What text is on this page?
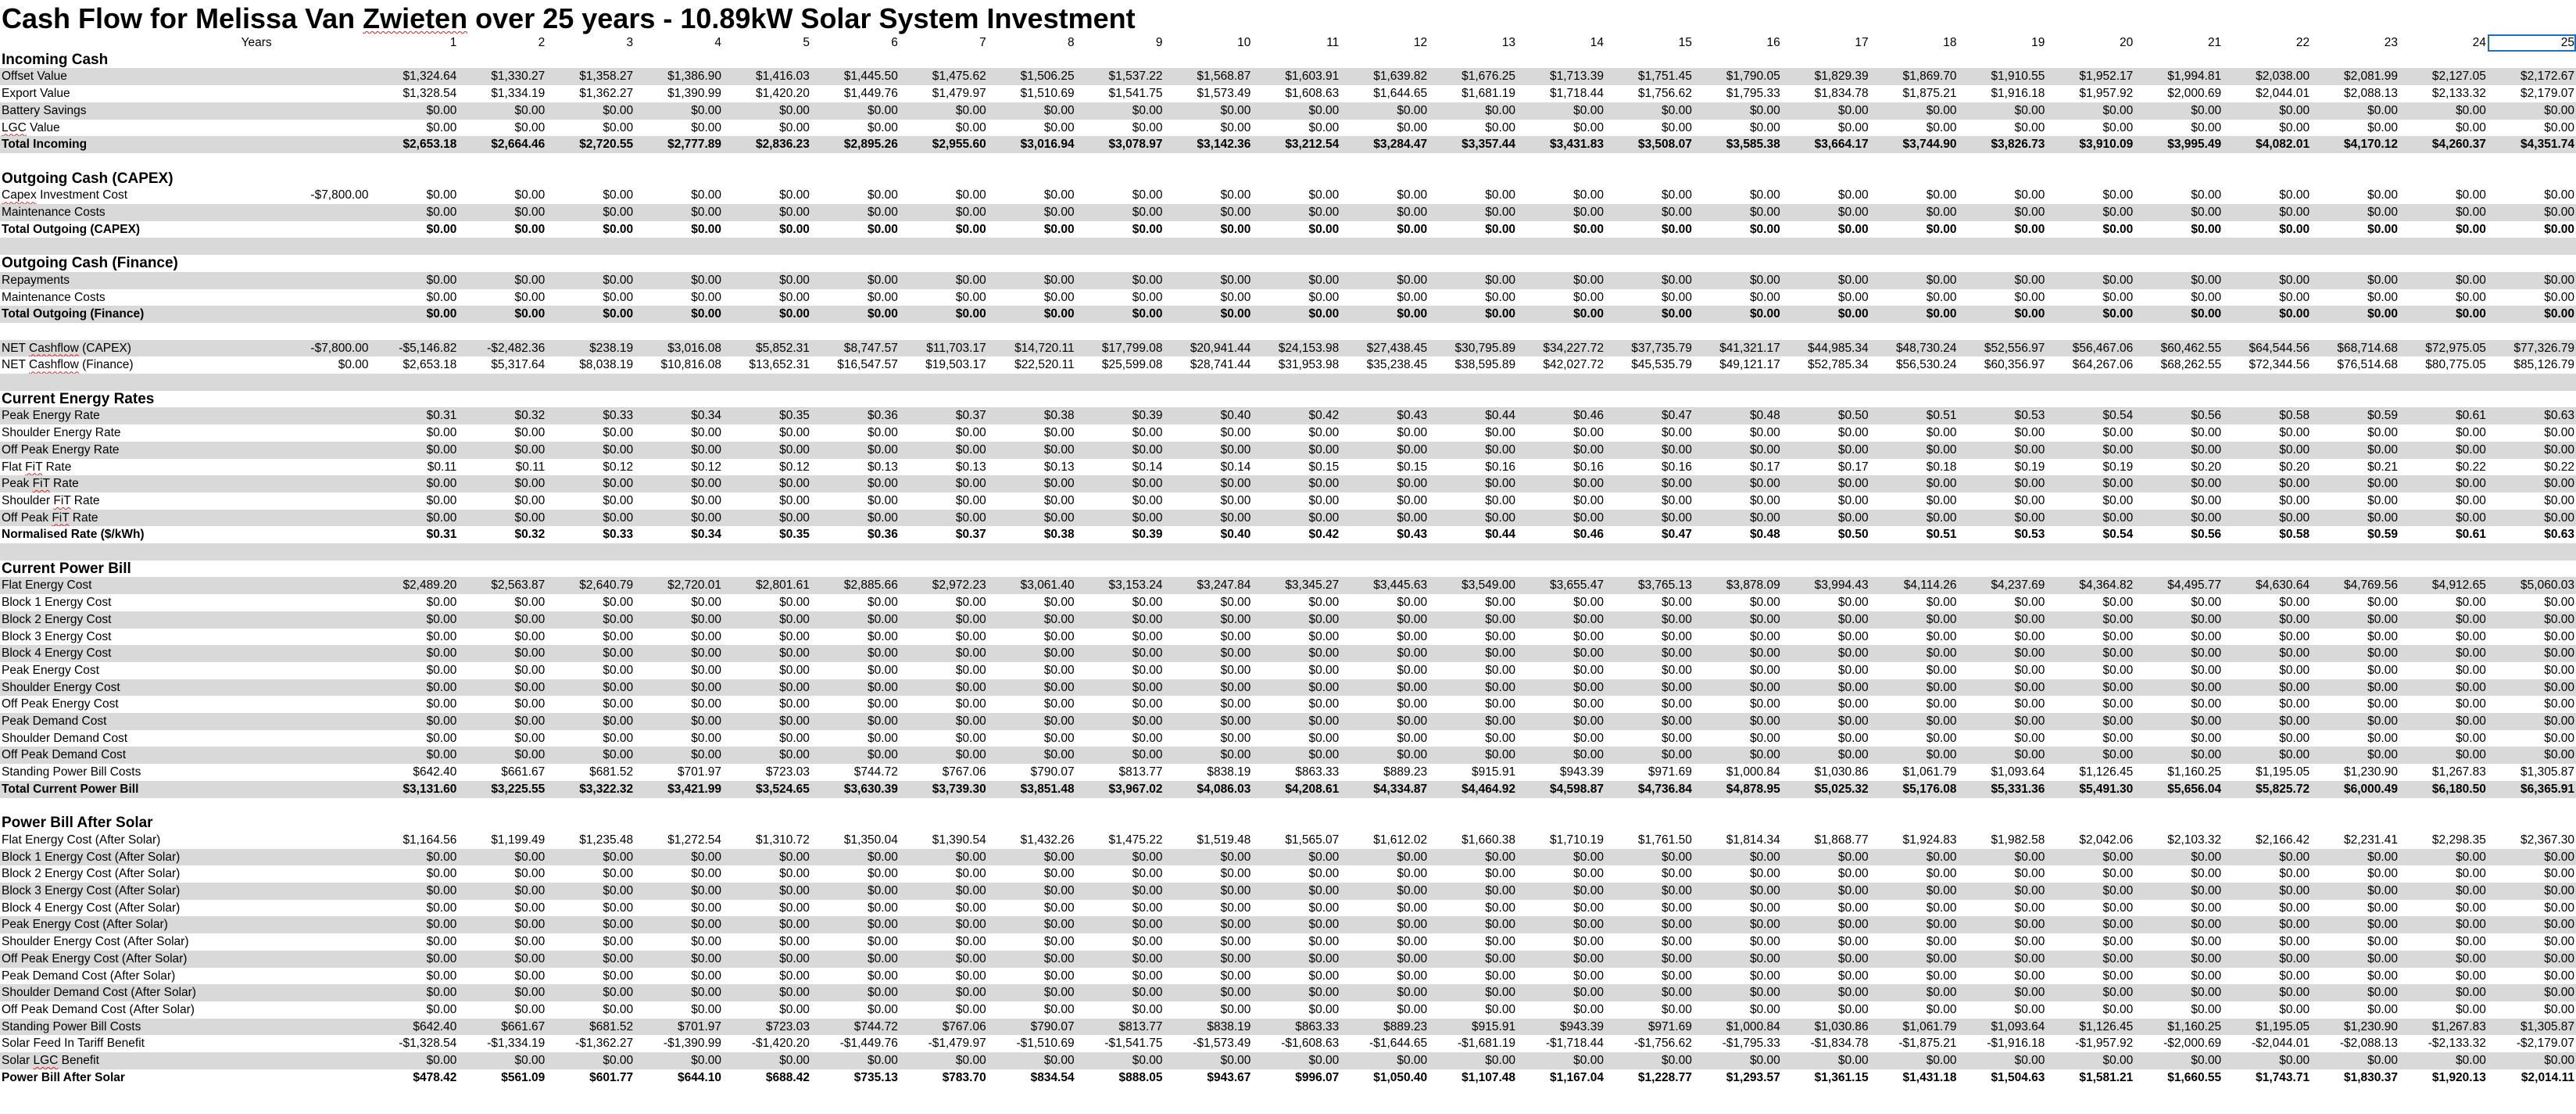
Cash Flow for Melissa Van Zwieten over 25 years - 10.89kW Solar System Investment
Years		1	2	3	4	5	6	7	8	9	10	11	12	13	14	15	16	17	18	19	20	21	22	23	24	25
Incoming Cash																										
Offset Value		$1,324.64	$1,330.27	$1,358.27	$1,386.90	$1,416.03	$1,445.50	$1,475.62	$1,506.25	$1,537.22	$1,568.87	$1,603.91	$1,639.82	$1,676.25	$1,713.39	$1,751.45	$1,790.05	$1,829.39	$1,869.70	$1,910.55	$1,952.17	$1,994.81	$2,038.00	$2,081.99	$2,127.05	$2,172.67
Export Value		$1,328.54	$1,334.19	$1,362.27	$1,390.99	$1,420.20	$1,449.76	$1,479.97	$1,510.69	$1,541.75	$1,573.49	$1,608.63	$1,644.65	$1,681.19	$1,718.44	$1,756.62	$1,795.33	$1,834.78	$1,875.21	$1,916.18	$1,957.92	$2,000.69	$2,044.01	$2,088.13	$2,133.32	$2,179.07
Battery Savings		$0.00	$0.00	$0.00	$0.00	$0.00	$0.00	$0.00	$0.00	$0.00	$0.00	$0.00	$0.00	$0.00	$0.00	$0.00	$0.00	$0.00	$0.00	$0.00	$0.00	$0.00	$0.00	$0.00	$0.00	$0.00
LGC Value		$0.00	$0.00	$0.00	$0.00	$0.00	$0.00	$0.00	$0.00	$0.00	$0.00	$0.00	$0.00	$0.00	$0.00	$0.00	$0.00	$0.00	$0.00	$0.00	$0.00	$0.00	$0.00	$0.00	$0.00	$0.00
Total Incoming		$2,653.18	$2,664.46	$2,720.55	$2,777.89	$2,836.23	$2,895.26	$2,955.60	$3,016.94	$3,078.97	$3,142.36	$3,212.54	$3,284.47	$3,357.44	$3,431.83	$3,508.07	$3,585.38	$3,664.17	$3,744.90	$3,826.73	$3,910.09	$3,995.49	$4,082.01	$4,170.12	$4,260.37	$4,351.74

Outgoing Cash (CAPEX)																										
Capex Investment Cost	-$7,800.00	$0.00	$0.00	$0.00	$0.00	$0.00	$0.00	$0.00	$0.00	$0.00	$0.00	$0.00	$0.00	$0.00	$0.00	$0.00	$0.00	$0.00	$0.00	$0.00	$0.00	$0.00	$0.00	$0.00	$0.00	$0.00
Maintenance Costs		$0.00	$0.00	$0.00	$0.00	$0.00	$0.00	$0.00	$0.00	$0.00	$0.00	$0.00	$0.00	$0.00	$0.00	$0.00	$0.00	$0.00	$0.00	$0.00	$0.00	$0.00	$0.00	$0.00	$0.00	$0.00
Total Outgoing (CAPEX)		$0.00	$0.00	$0.00	$0.00	$0.00	$0.00	$0.00	$0.00	$0.00	$0.00	$0.00	$0.00	$0.00	$0.00	$0.00	$0.00	$0.00	$0.00	$0.00	$0.00	$0.00	$0.00	$0.00	$0.00	$0.00

Outgoing Cash (Finance)																										
Repayments		$0.00	$0.00	$0.00	$0.00	$0.00	$0.00	$0.00	$0.00	$0.00	$0.00	$0.00	$0.00	$0.00	$0.00	$0.00	$0.00	$0.00	$0.00	$0.00	$0.00	$0.00	$0.00	$0.00	$0.00	$0.00
Maintenance Costs		$0.00	$0.00	$0.00	$0.00	$0.00	$0.00	$0.00	$0.00	$0.00	$0.00	$0.00	$0.00	$0.00	$0.00	$0.00	$0.00	$0.00	$0.00	$0.00	$0.00	$0.00	$0.00	$0.00	$0.00	$0.00
Total Outgoing (Finance)		$0.00	$0.00	$0.00	$0.00	$0.00	$0.00	$0.00	$0.00	$0.00	$0.00	$0.00	$0.00	$0.00	$0.00	$0.00	$0.00	$0.00	$0.00	$0.00	$0.00	$0.00	$0.00	$0.00	$0.00	$0.00

NET Cashflow (CAPEX)	-$7,800.00	-$5,146.82	-$2,482.36	$238.19	$3,016.08	$5,852.31	$8,747.57	$11,703.17	$14,720.11	$17,799.08	$20,941.44	$24,153.98	$27,438.45	$30,795.89	$34,227.72	$37,735.79	$41,321.17	$44,985.34	$48,730.24	$52,556.97	$56,467.06	$60,462.55	$64,544.56	$68,714.68	$72,975.05	$77,326.79
NET Cashflow (Finance)	$0.00	$2,653.18	$5,317.64	$8,038.19	$10,816.08	$13,652.31	$16,547.57	$19,503.17	$22,520.11	$25,599.08	$28,741.44	$31,953.98	$35,238.45	$38,595.89	$42,027.72	$45,535.79	$49,121.17	$52,785.34	$56,530.24	$60,356.97	$64,267.06	$68,262.55	$72,344.56	$76,514.68	$80,775.05	$85,126.79

Current Energy Rates																										
Peak Energy Rate		$0.31	$0.32	$0.33	$0.34	$0.35	$0.36	$0.37	$0.38	$0.39	$0.40	$0.42	$0.43	$0.44	$0.46	$0.47	$0.48	$0.50	$0.51	$0.53	$0.54	$0.56	$0.58	$0.59	$0.61	$0.63
Shoulder Energy Rate		$0.00	$0.00	$0.00	$0.00	$0.00	$0.00	$0.00	$0.00	$0.00	$0.00	$0.00	$0.00	$0.00	$0.00	$0.00	$0.00	$0.00	$0.00	$0.00	$0.00	$0.00	$0.00	$0.00	$0.00	$0.00
Off Peak Energy Rate		$0.00	$0.00	$0.00	$0.00	$0.00	$0.00	$0.00	$0.00	$0.00	$0.00	$0.00	$0.00	$0.00	$0.00	$0.00	$0.00	$0.00	$0.00	$0.00	$0.00	$0.00	$0.00	$0.00	$0.00	$0.00
Flat FiT Rate		$0.11	$0.11	$0.12	$0.12	$0.12	$0.13	$0.13	$0.13	$0.14	$0.14	$0.15	$0.15	$0.16	$0.16	$0.16	$0.17	$0.17	$0.18	$0.19	$0.19	$0.20	$0.20	$0.21	$0.22	$0.22
Peak FiT Rate		$0.00	$0.00	$0.00	$0.00	$0.00	$0.00	$0.00	$0.00	$0.00	$0.00	$0.00	$0.00	$0.00	$0.00	$0.00	$0.00	$0.00	$0.00	$0.00	$0.00	$0.00	$0.00	$0.00	$0.00	$0.00
Shoulder FiT Rate		$0.00	$0.00	$0.00	$0.00	$0.00	$0.00	$0.00	$0.00	$0.00	$0.00	$0.00	$0.00	$0.00	$0.00	$0.00	$0.00	$0.00	$0.00	$0.00	$0.00	$0.00	$0.00	$0.00	$0.00	$0.00
Off Peak FiT Rate		$0.00	$0.00	$0.00	$0.00	$0.00	$0.00	$0.00	$0.00	$0.00	$0.00	$0.00	$0.00	$0.00	$0.00	$0.00	$0.00	$0.00	$0.00	$0.00	$0.00	$0.00	$0.00	$0.00	$0.00	$0.00
Normalised Rate ($/kWh)		$0.31	$0.32	$0.33	$0.34	$0.35	$0.36	$0.37	$0.38	$0.39	$0.40	$0.42	$0.43	$0.44	$0.46	$0.47	$0.48	$0.50	$0.51	$0.53	$0.54	$0.56	$0.58	$0.59	$0.61	$0.63

Current Power Bill																										
Flat Energy Cost		$2,489.20	$2,563.87	$2,640.79	$2,720.01	$2,801.61	$2,885.66	$2,972.23	$3,061.40	$3,153.24	$3,247.84	$3,345.27	$3,445.63	$3,549.00	$3,655.47	$3,765.13	$3,878.09	$3,994.43	$4,114.26	$4,237.69	$4,364.82	$4,495.77	$4,630.64	$4,769.56	$4,912.65	$5,060.03
Block 1 Energy Cost		$0.00	$0.00	$0.00	$0.00	$0.00	$0.00	$0.00	$0.00	$0.00	$0.00	$0.00	$0.00	$0.00	$0.00	$0.00	$0.00	$0.00	$0.00	$0.00	$0.00	$0.00	$0.00	$0.00	$0.00	$0.00
Block 2 Energy Cost		$0.00	$0.00	$0.00	$0.00	$0.00	$0.00	$0.00	$0.00	$0.00	$0.00	$0.00	$0.00	$0.00	$0.00	$0.00	$0.00	$0.00	$0.00	$0.00	$0.00	$0.00	$0.00	$0.00	$0.00	$0.00
Block 3 Energy Cost		$0.00	$0.00	$0.00	$0.00	$0.00	$0.00	$0.00	$0.00	$0.00	$0.00	$0.00	$0.00	$0.00	$0.00	$0.00	$0.00	$0.00	$0.00	$0.00	$0.00	$0.00	$0.00	$0.00	$0.00	$0.00
Block 4 Energy Cost		$0.00	$0.00	$0.00	$0.00	$0.00	$0.00	$0.00	$0.00	$0.00	$0.00	$0.00	$0.00	$0.00	$0.00	$0.00	$0.00	$0.00	$0.00	$0.00	$0.00	$0.00	$0.00	$0.00	$0.00	$0.00
Peak Energy Cost		$0.00	$0.00	$0.00	$0.00	$0.00	$0.00	$0.00	$0.00	$0.00	$0.00	$0.00	$0.00	$0.00	$0.00	$0.00	$0.00	$0.00	$0.00	$0.00	$0.00	$0.00	$0.00	$0.00	$0.00	$0.00
Shoulder Energy Cost		$0.00	$0.00	$0.00	$0.00	$0.00	$0.00	$0.00	$0.00	$0.00	$0.00	$0.00	$0.00	$0.00	$0.00	$0.00	$0.00	$0.00	$0.00	$0.00	$0.00	$0.00	$0.00	$0.00	$0.00	$0.00
Off Peak Energy Cost		$0.00	$0.00	$0.00	$0.00	$0.00	$0.00	$0.00	$0.00	$0.00	$0.00	$0.00	$0.00	$0.00	$0.00	$0.00	$0.00	$0.00	$0.00	$0.00	$0.00	$0.00	$0.00	$0.00	$0.00	$0.00
Peak Demand Cost		$0.00	$0.00	$0.00	$0.00	$0.00	$0.00	$0.00	$0.00	$0.00	$0.00	$0.00	$0.00	$0.00	$0.00	$0.00	$0.00	$0.00	$0.00	$0.00	$0.00	$0.00	$0.00	$0.00	$0.00	$0.00
Shoulder Demand Cost		$0.00	$0.00	$0.00	$0.00	$0.00	$0.00	$0.00	$0.00	$0.00	$0.00	$0.00	$0.00	$0.00	$0.00	$0.00	$0.00	$0.00	$0.00	$0.00	$0.00	$0.00	$0.00	$0.00	$0.00	$0.00
Off Peak Demand Cost		$0.00	$0.00	$0.00	$0.00	$0.00	$0.00	$0.00	$0.00	$0.00	$0.00	$0.00	$0.00	$0.00	$0.00	$0.00	$0.00	$0.00	$0.00	$0.00	$0.00	$0.00	$0.00	$0.00	$0.00	$0.00
Standing Power Bill Costs		$642.40	$661.67	$681.52	$701.97	$723.03	$744.72	$767.06	$790.07	$813.77	$838.19	$863.33	$889.23	$915.91	$943.39	$971.69	$1,000.84	$1,030.86	$1,061.79	$1,093.64	$1,126.45	$1,160.25	$1,195.05	$1,230.90	$1,267.83	$1,305.87
Total Current Power Bill		$3,131.60	$3,225.55	$3,322.32	$3,421.99	$3,524.65	$3,630.39	$3,739.30	$3,851.48	$3,967.02	$4,086.03	$4,208.61	$4,334.87	$4,464.92	$4,598.87	$4,736.84	$4,878.95	$5,025.32	$5,176.08	$5,331.36	$5,491.30	$5,656.04	$5,825.72	$6,000.49	$6,180.50	$6,365.91

Power Bill After Solar																										
Flat Energy Cost (After Solar)		$1,164.56	$1,199.49	$1,235.48	$1,272.54	$1,310.72	$1,350.04	$1,390.54	$1,432.26	$1,475.22	$1,519.48	$1,565.07	$1,612.02	$1,660.38	$1,710.19	$1,761.50	$1,814.34	$1,868.77	$1,924.83	$1,982.58	$2,042.06	$2,103.32	$2,166.42	$2,231.41	$2,298.35	$2,367.30
Block 1 Energy Cost (After Solar)		$0.00	$0.00	$0.00	$0.00	$0.00	$0.00	$0.00	$0.00	$0.00	$0.00	$0.00	$0.00	$0.00	$0.00	$0.00	$0.00	$0.00	$0.00	$0.00	$0.00	$0.00	$0.00	$0.00	$0.00	$0.00
Block 2 Energy Cost (After Solar)		$0.00	$0.00	$0.00	$0.00	$0.00	$0.00	$0.00	$0.00	$0.00	$0.00	$0.00	$0.00	$0.00	$0.00	$0.00	$0.00	$0.00	$0.00	$0.00	$0.00	$0.00	$0.00	$0.00	$0.00	$0.00
Block 3 Energy Cost (After Solar)		$0.00	$0.00	$0.00	$0.00	$0.00	$0.00	$0.00	$0.00	$0.00	$0.00	$0.00	$0.00	$0.00	$0.00	$0.00	$0.00	$0.00	$0.00	$0.00	$0.00	$0.00	$0.00	$0.00	$0.00	$0.00
Block 4 Energy Cost (After Solar)		$0.00	$0.00	$0.00	$0.00	$0.00	$0.00	$0.00	$0.00	$0.00	$0.00	$0.00	$0.00	$0.00	$0.00	$0.00	$0.00	$0.00	$0.00	$0.00	$0.00	$0.00	$0.00	$0.00	$0.00	$0.00
Peak Energy Cost (After Solar)		$0.00	$0.00	$0.00	$0.00	$0.00	$0.00	$0.00	$0.00	$0.00	$0.00	$0.00	$0.00	$0.00	$0.00	$0.00	$0.00	$0.00	$0.00	$0.00	$0.00	$0.00	$0.00	$0.00	$0.00	$0.00
Shoulder Energy Cost (After Solar)		$0.00	$0.00	$0.00	$0.00	$0.00	$0.00	$0.00	$0.00	$0.00	$0.00	$0.00	$0.00	$0.00	$0.00	$0.00	$0.00	$0.00	$0.00	$0.00	$0.00	$0.00	$0.00	$0.00	$0.00	$0.00
Off Peak Energy Cost (After Solar)		$0.00	$0.00	$0.00	$0.00	$0.00	$0.00	$0.00	$0.00	$0.00	$0.00	$0.00	$0.00	$0.00	$0.00	$0.00	$0.00	$0.00	$0.00	$0.00	$0.00	$0.00	$0.00	$0.00	$0.00	$0.00
Peak Demand Cost (After Solar)		$0.00	$0.00	$0.00	$0.00	$0.00	$0.00	$0.00	$0.00	$0.00	$0.00	$0.00	$0.00	$0.00	$0.00	$0.00	$0.00	$0.00	$0.00	$0.00	$0.00	$0.00	$0.00	$0.00	$0.00	$0.00
Shoulder Demand Cost (After Solar)		$0.00	$0.00	$0.00	$0.00	$0.00	$0.00	$0.00	$0.00	$0.00	$0.00	$0.00	$0.00	$0.00	$0.00	$0.00	$0.00	$0.00	$0.00	$0.00	$0.00	$0.00	$0.00	$0.00	$0.00	$0.00
Off Peak Demand Cost (After Solar)		$0.00	$0.00	$0.00	$0.00	$0.00	$0.00	$0.00	$0.00	$0.00	$0.00	$0.00	$0.00	$0.00	$0.00	$0.00	$0.00	$0.00	$0.00	$0.00	$0.00	$0.00	$0.00	$0.00	$0.00	$0.00
Standing Power Bill Costs		$642.40	$661.67	$681.52	$701.97	$723.03	$744.72	$767.06	$790.07	$813.77	$838.19	$863.33	$889.23	$915.91	$943.39	$971.69	$1,000.84	$1,030.86	$1,061.79	$1,093.64	$1,126.45	$1,160.25	$1,195.05	$1,230.90	$1,267.83	$1,305.87
Solar Feed In Tariff Benefit		-$1,328.54	-$1,334.19	-$1,362.27	-$1,390.99	-$1,420.20	-$1,449.76	-$1,479.97	-$1,510.69	-$1,541.75	-$1,573.49	-$1,608.63	-$1,644.65	-$1,681.19	-$1,718.44	-$1,756.62	-$1,795.33	-$1,834.78	-$1,875.21	-$1,916.18	-$1,957.92	-$2,000.69	-$2,044.01	-$2,088.13	-$2,133.32	-$2,179.07
Solar LGC Benefit		$0.00	$0.00	$0.00	$0.00	$0.00	$0.00	$0.00	$0.00	$0.00	$0.00	$0.00	$0.00	$0.00	$0.00	$0.00	$0.00	$0.00	$0.00	$0.00	$0.00	$0.00	$0.00	$0.00	$0.00	$0.00
Power Bill After Solar		$478.42	$561.09	$601.77	$644.10	$688.42	$735.13	$783.70	$834.54	$888.05	$943.67	$996.07	$1,050.40	$1,107.48	$1,167.04	$1,228.77	$1,293.57	$1,361.15	$1,431.18	$1,504.63	$1,581.21	$1,660.55	$1,743.71	$1,830.37	$1,920.13	$2,014.11
